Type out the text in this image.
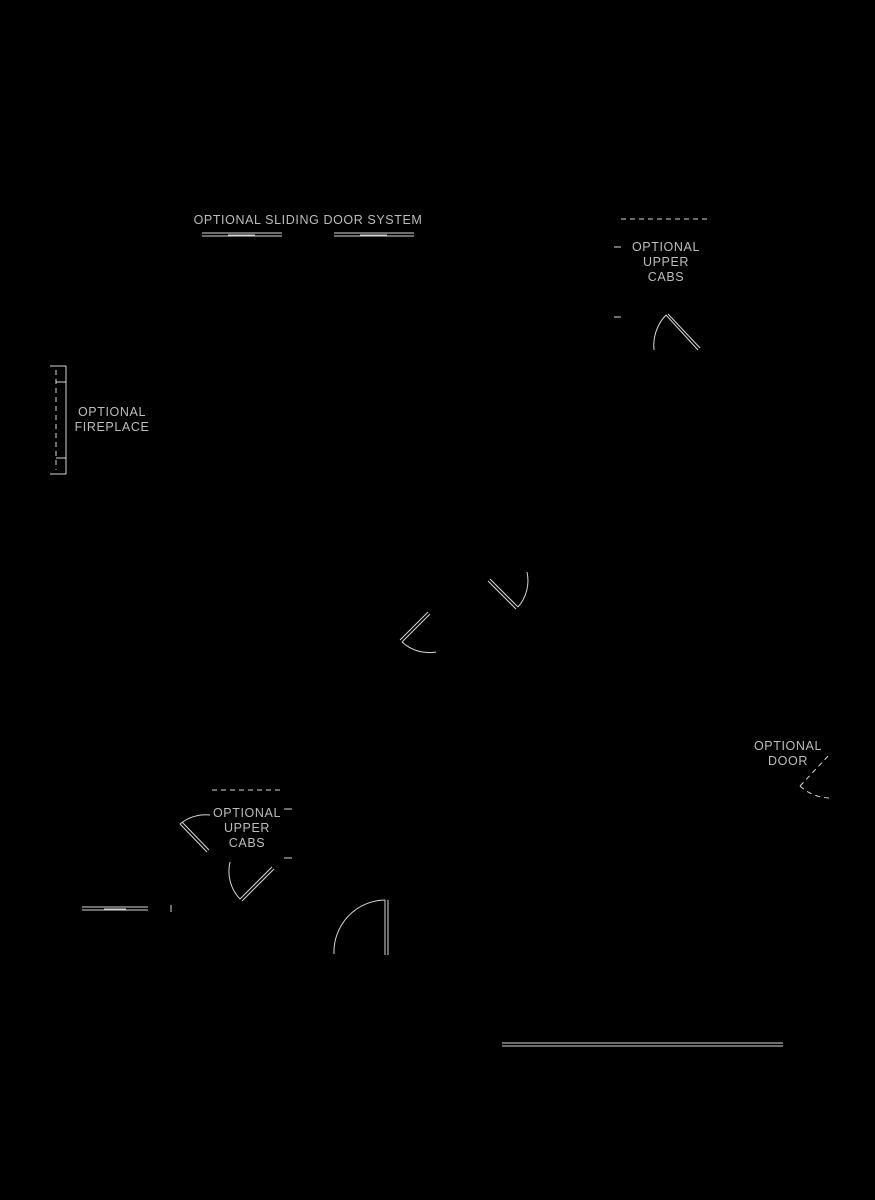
OPTIONAL SLIDING DOOR SYSTEM
OPTIONAL
UPPER
CABS
OPTIONAL
FIREPLACE
OPTIONAL
DOOR
OPTIONAL
UPPER
CABS
